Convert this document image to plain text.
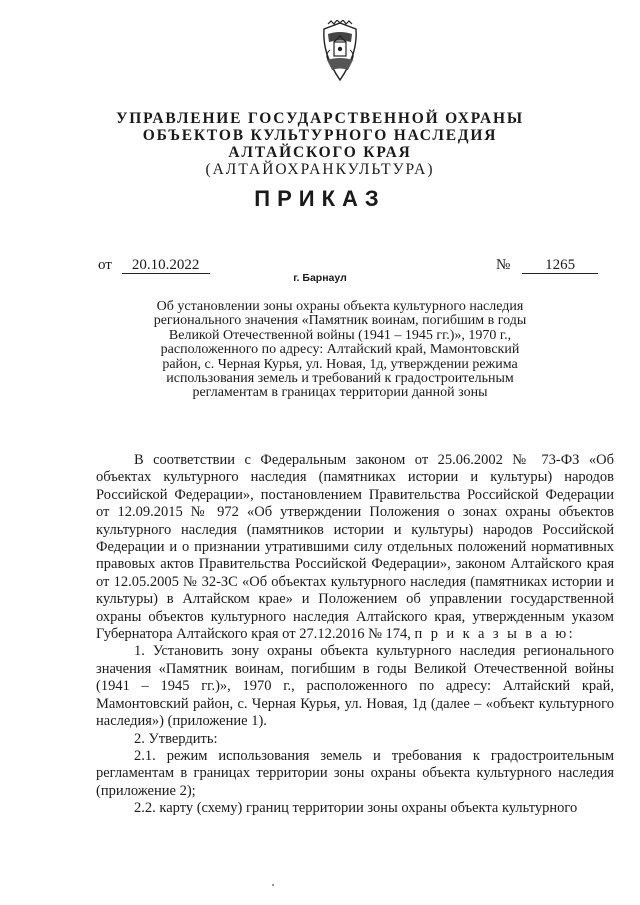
УПРАВЛЕНИЕ ГОСУДАРСТВЕННОЙ ОХРАНЫ
ОБЪЕКТОВ КУЛЬТУРНОГО НАСЛЕДИЯ
АЛТАЙСКОГО КРАЯ
(АЛТАЙОХРАНКУЛЬТУРА)
ПРИКАЗ
от 20.10.2022	№ 1265
г. Барнаул
Об установлении зоны охраны объекта культурного наследия
регионального значения «Памятник воинам, погибшим в годы
Великой Отечественной войны (1941 – 1945 гг.)», 1970 г.,
расположенного по адресу: Алтайский край, Мамонтовский
район, с. Черная Курья, ул. Новая, 1д, утверждении режима
использования земель и требований к градостроительным
регламентам в границах территории данной зоны

В соответствии с Федеральным законом от 25.06.2002 № 73-ФЗ «Об объектах культурного наследия (памятниках истории и культуры) народов Российской Федерации», постановлением Правительства Российской Федерации от 12.09.2015 № 972 «Об утверждении Положения о зонах охраны объектов культурного наследия (памятников истории и культуры) народов Российской Федерации и о признании утратившими силу отдельных положений нормативных правовых актов Правительства Российской Федерации», законом Алтайского края от 12.05.2005 № 32-ЗС «Об объектах культурного наследия (памятниках истории и культуры) в Алтайском крае» и Положением об управлении государственной охраны объектов культурного наследия Алтайского края, утвержденным указом Губернатора Алтайского края от 27.12.2016 № 174, п р и к а з ы в а ю:

1. Установить зону охраны объекта культурного наследия регионального значения «Памятник воинам, погибшим в годы Великой Отечественной войны (1941 – 1945 гг.)», 1970 г., расположенного по адресу: Алтайский край, Мамонтовский район, с. Черная Курья, ул. Новая, 1д (далее – «объект культурного наследия») (приложение 1).

2. Утвердить:

2.1. режим использования земель и требования к градостроительным регламентам в границах территории зоны охраны объекта культурного наследия (приложение 2);

2.2. карту (схему) границ территории зоны охраны объекта культурного
